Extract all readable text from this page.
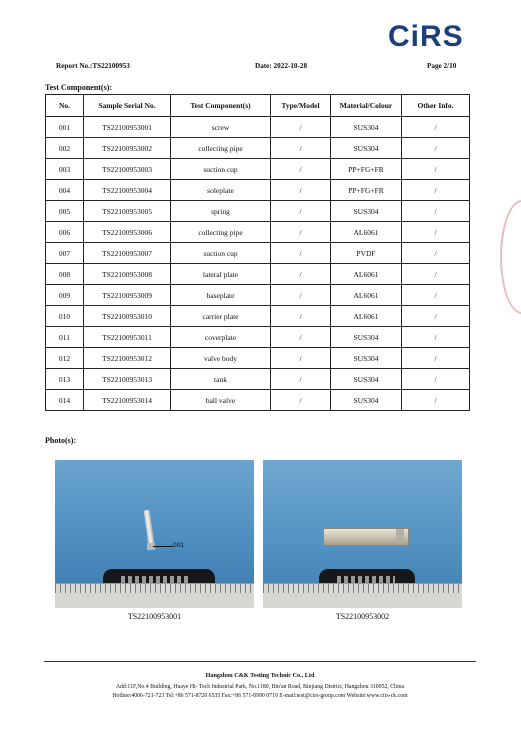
CiRS
Report No.:TS22100953	Date: 2022-10-28	Page 2/10
Test Component(s):
No.	Sample Serial No.	Test Component(s)	Type/Model	Material/Colour	Other Info.
001	TS22100953001	screw	/	SUS304	/
002	TS22100953002	collecting pipe	/	SUS304	/
003	TS22100953003	suction cup	/	PP+FG+FR	/
004	TS22100953004	soleplate	/	PP+FG+FR	/
005	TS22100953005	spring	/	SUS304	/
006	TS22100953006	collecting pipe	/	AL6061	/
007	TS22100953007	suction cup	/	PVDF	/
008	TS22100953008	lateral plate	/	AL6061	/
009	TS22100953009	baseplate	/	AL6061	/
010	TS22100953010	carrier plate	/	AL6061	/
011	TS22100953011	coverplate	/	SUS304	/
012	TS22100953012	valve body	/	SUS304	/
013	TS22100953013	tank	/	SUS304	/
014	TS22100953014	ball valve	/	SUS304	/
Photo(s):
001
TS22100953001	TS22100953002
Hangzhou C&K Testing Technic Co., Ltd
Add:11F,No.4 Building, Huaye Hi- Tech Industrial Park, No.1180, Bin'an Road, Binjiang District, Hangzhou 310052, China
Hotline:4006-721-723 Tel:+86 571-8720 6535 Fax:+86 571-8990 0719 E-mail:test@cirs-group.com Website:www.cirs-ck.com
